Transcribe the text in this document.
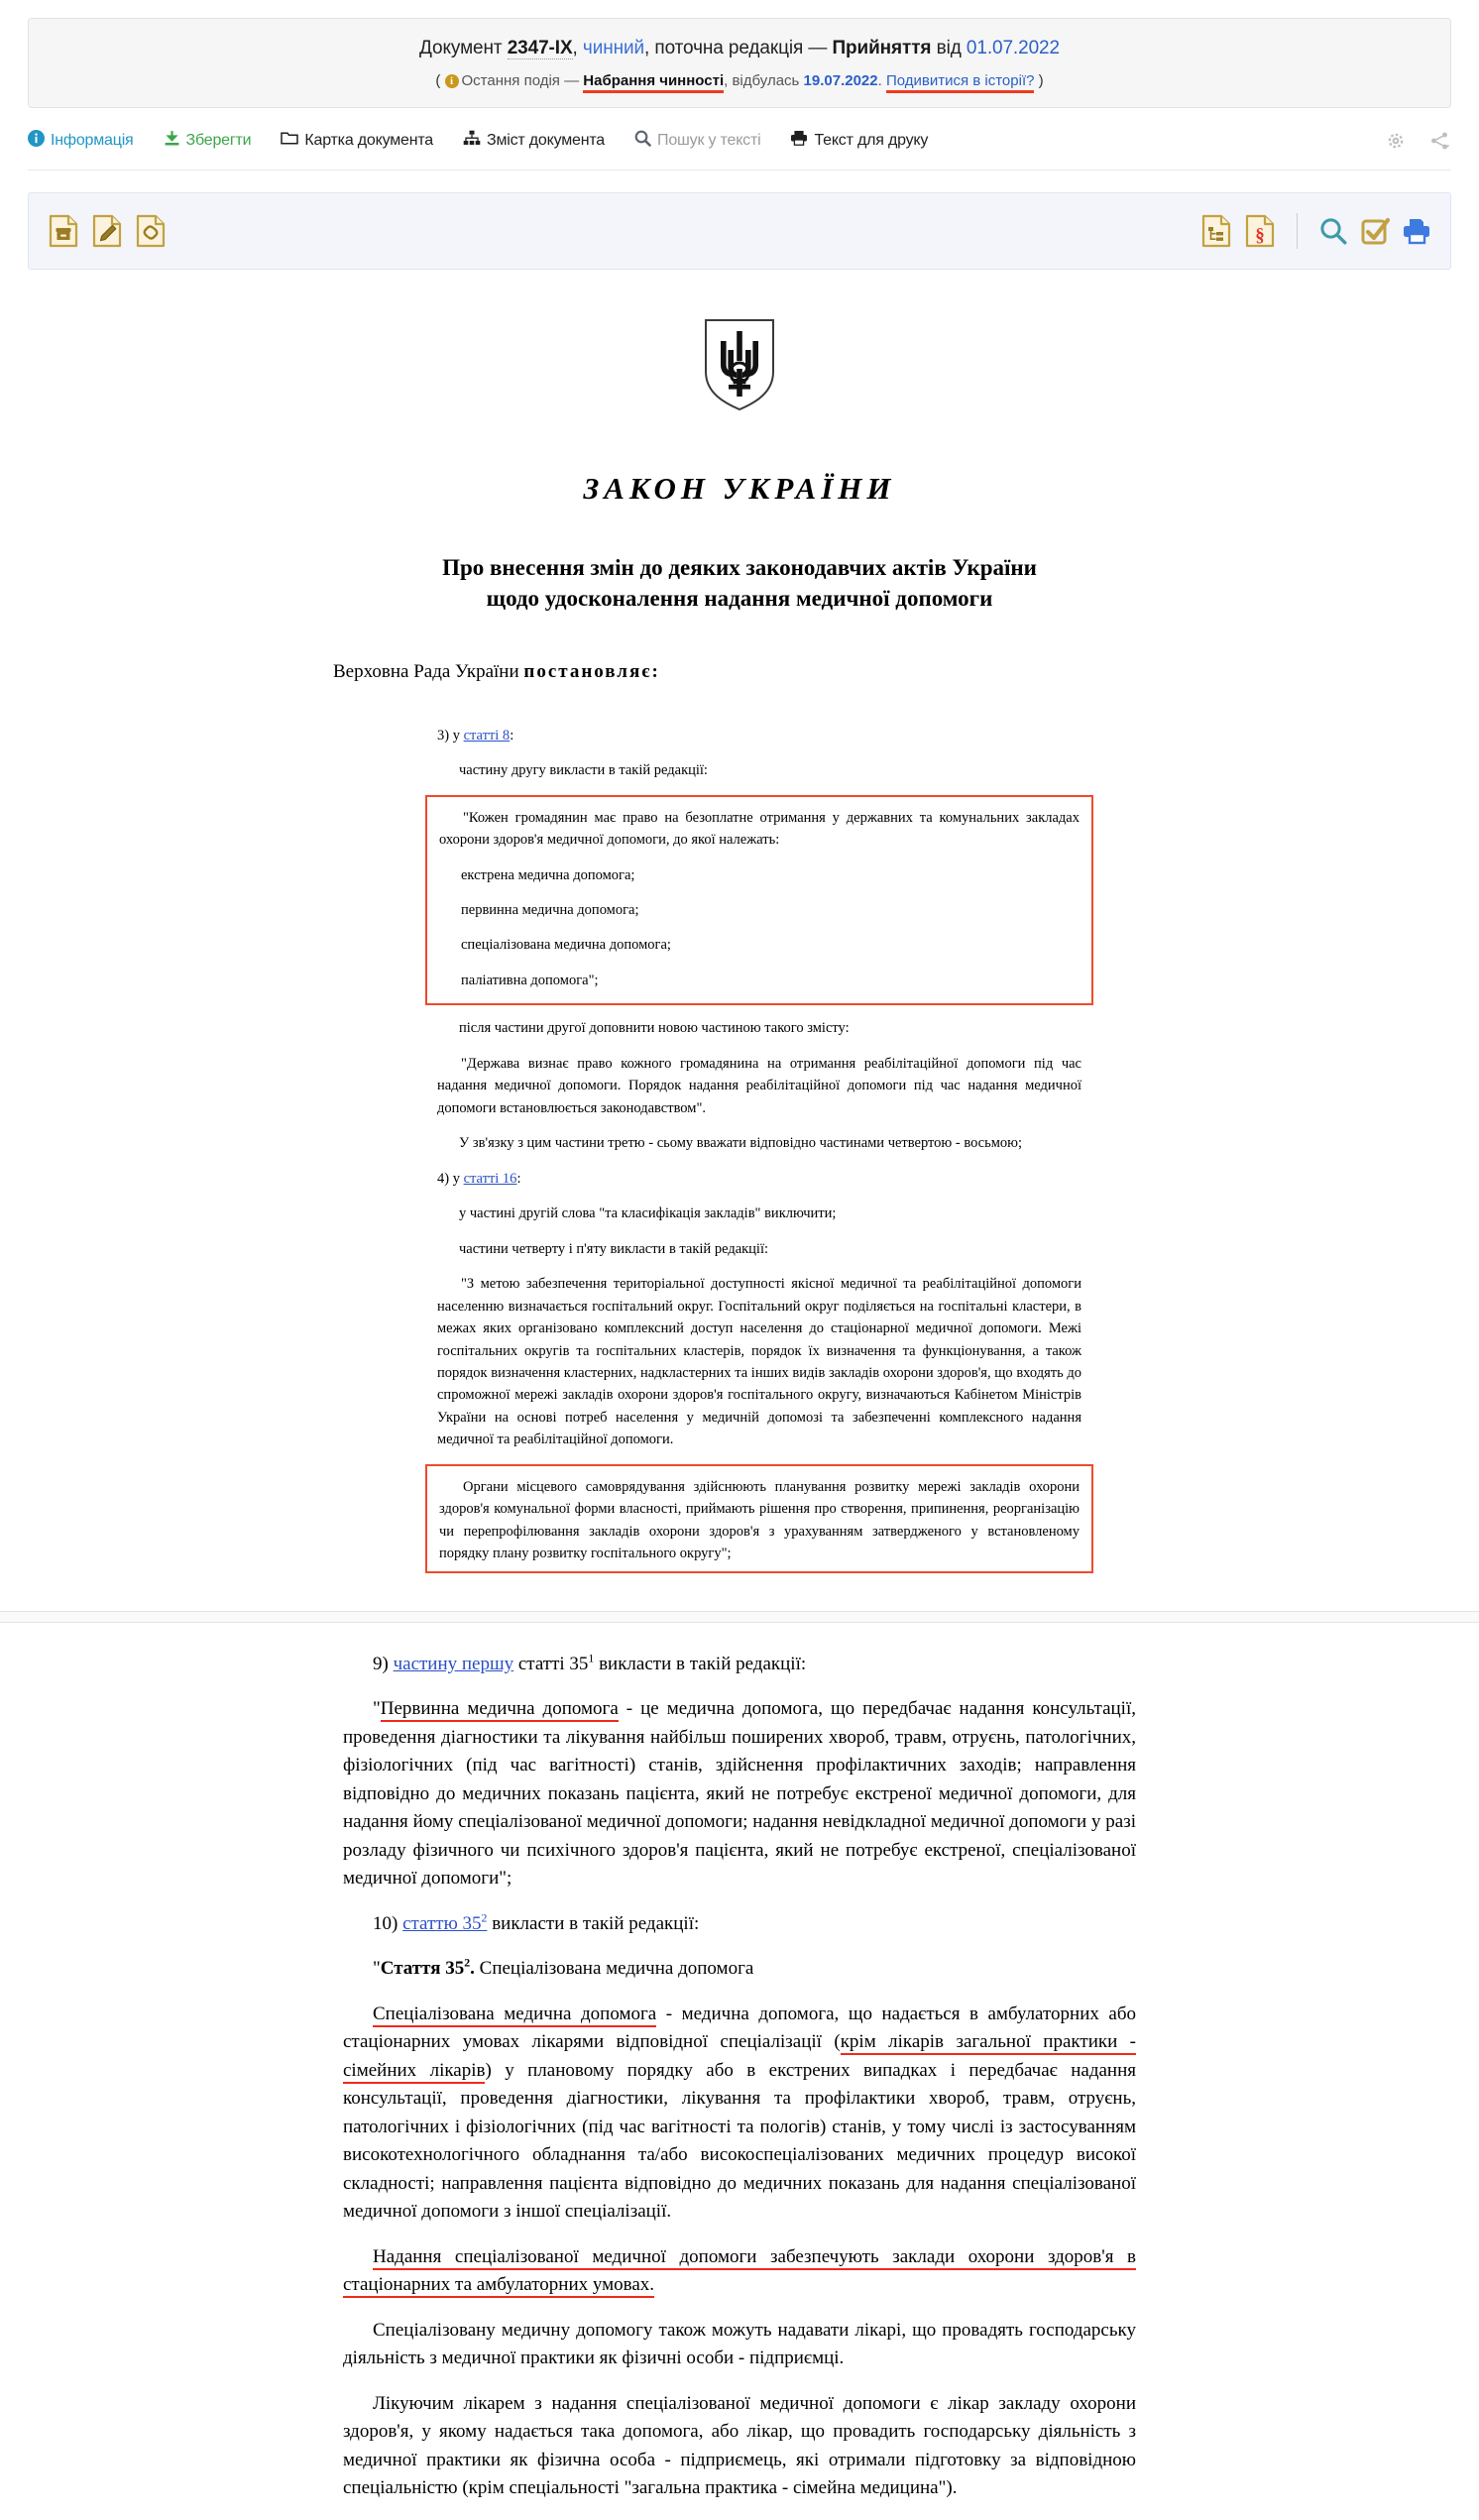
Документ 2347-IX, чинний, поточна редакція — Прийняття від 01.07.2022
( i Остання подія — Набрання чинності, відбулась 19.07.2022. Подивитися в історії? )
Інформація	Зберегти	Картка документа	Зміст документа	Пошук у тексті	Текст для друку
§
ЗАКОН УКРАЇНИ
Про внесення змін до деяких законодавчих актів України
щодо удосконалення надання медичної допомоги
Верховна Рада України постановляє:

3) у статті 8:

частину другу викласти в такій редакції:

"Кожен громадянин має право на безоплатне отримання у державних та комунальних закладах охорони здоров'я медичної допомоги, до якої належать:

екстрена медична допомога;

первинна медична допомога;

спеціалізована медична допомога;

паліативна допомога";

після частини другої доповнити новою частиною такого змісту:

"Держава визнає право кожного громадянина на отримання реабілітаційної допомоги під час надання медичної допомоги. Порядок надання реабілітаційної допомоги під час надання медичної допомоги встановлюється законодавством".

У зв'язку з цим частини третю - сьому вважати відповідно частинами четвертою - восьмою;

4) у статті 16:

у частині другій слова "та класифікація закладів" виключити;

частини четверту і п'яту викласти в такій редакції:

"З метою забезпечення територіальної доступності якісної медичної та реабілітаційної допомоги населенню визначається госпітальний округ. Госпітальний округ поділяється на госпітальні кластери, в межах яких організовано комплексний доступ населення до стаціонарної медичної допомоги. Межі госпітальних округів та госпітальних кластерів, порядок їх визначення та функціонування, а також порядок визначення кластерних, надкластерних та інших видів закладів охорони здоров'я, що входять до спроможної мережі закладів охорони здоров'я госпітального округу, визначаються Кабінетом Міністрів України на основі потреб населення у медичній допомозі та забезпеченні комплексного надання медичної та реабілітаційної допомоги.

Органи місцевого самоврядування здійснюють планування розвитку мережі закладів охорони здоров'я комунальної форми власності, приймають рішення про створення, припинення, реорганізацію чи перепрофілювання закладів охорони здоров'я з урахуванням затвердженого у встановленому порядку плану розвитку госпітального округу";

9) частину першу статті $35^1$ викласти в такій редакції:

"Первинна медична допомога - це медична допомога, що передбачає надання консультації, проведення діагностики та лікування найбільш поширених хвороб, травм, отруєнь, патологічних, фізіологічних (під час вагітності) станів, здійснення профілактичних заходів; направлення відповідно до медичних показань пацієнта, який не потребує екстреної медичної допомоги, для надання йому спеціалізованої медичної допомоги; надання невідкладної медичної допомоги у разі розладу фізичного чи психічного здоров'я пацієнта, який не потребує екстреної, спеціалізованої медичної допомоги";

10) статтю 35$^2$ викласти в такій редакції:

"Стаття $35^2$. Спеціалізована медична допомога

Спеціалізована медична допомога - медична допомога, що надається в амбулаторних або стаціонарних умовах лікарями відповідної спеціалізації (крім лікарів загальної практики - сімейних лікарів) у плановому порядку або в екстрених випадках і передбачає надання консультації, проведення діагностики, лікування та профілактики хвороб, травм, отруєнь, патологічних і фізіологічних (під час вагітності та пологів) станів, у тому числі із застосуванням високотехнологічного обладнання та/або високоспеціалізованих медичних процедур високої складності; направлення пацієнта відповідно до медичних показань для надання спеціалізованої медичної допомоги з іншої спеціалізації.

Надання спеціалізованої медичної допомоги забезпечують заклади охорони здоров'я в стаціонарних та амбулаторних умовах.

Спеціалізовану медичну допомогу також можуть надавати лікарі, що провадять господарську діяльність з медичної практики як фізичні особи - підприємці.

Лікуючим лікарем з надання спеціалізованої медичної допомоги є лікар закладу охорони здоров'я, у якому надається така допомога, або лікар, що провадить господарську діяльність з медичної практики як фізична особа - підприємець, які отримали підготовку за відповідною спеціальністю (крім спеціальності "загальна практика - сімейна медицина").
